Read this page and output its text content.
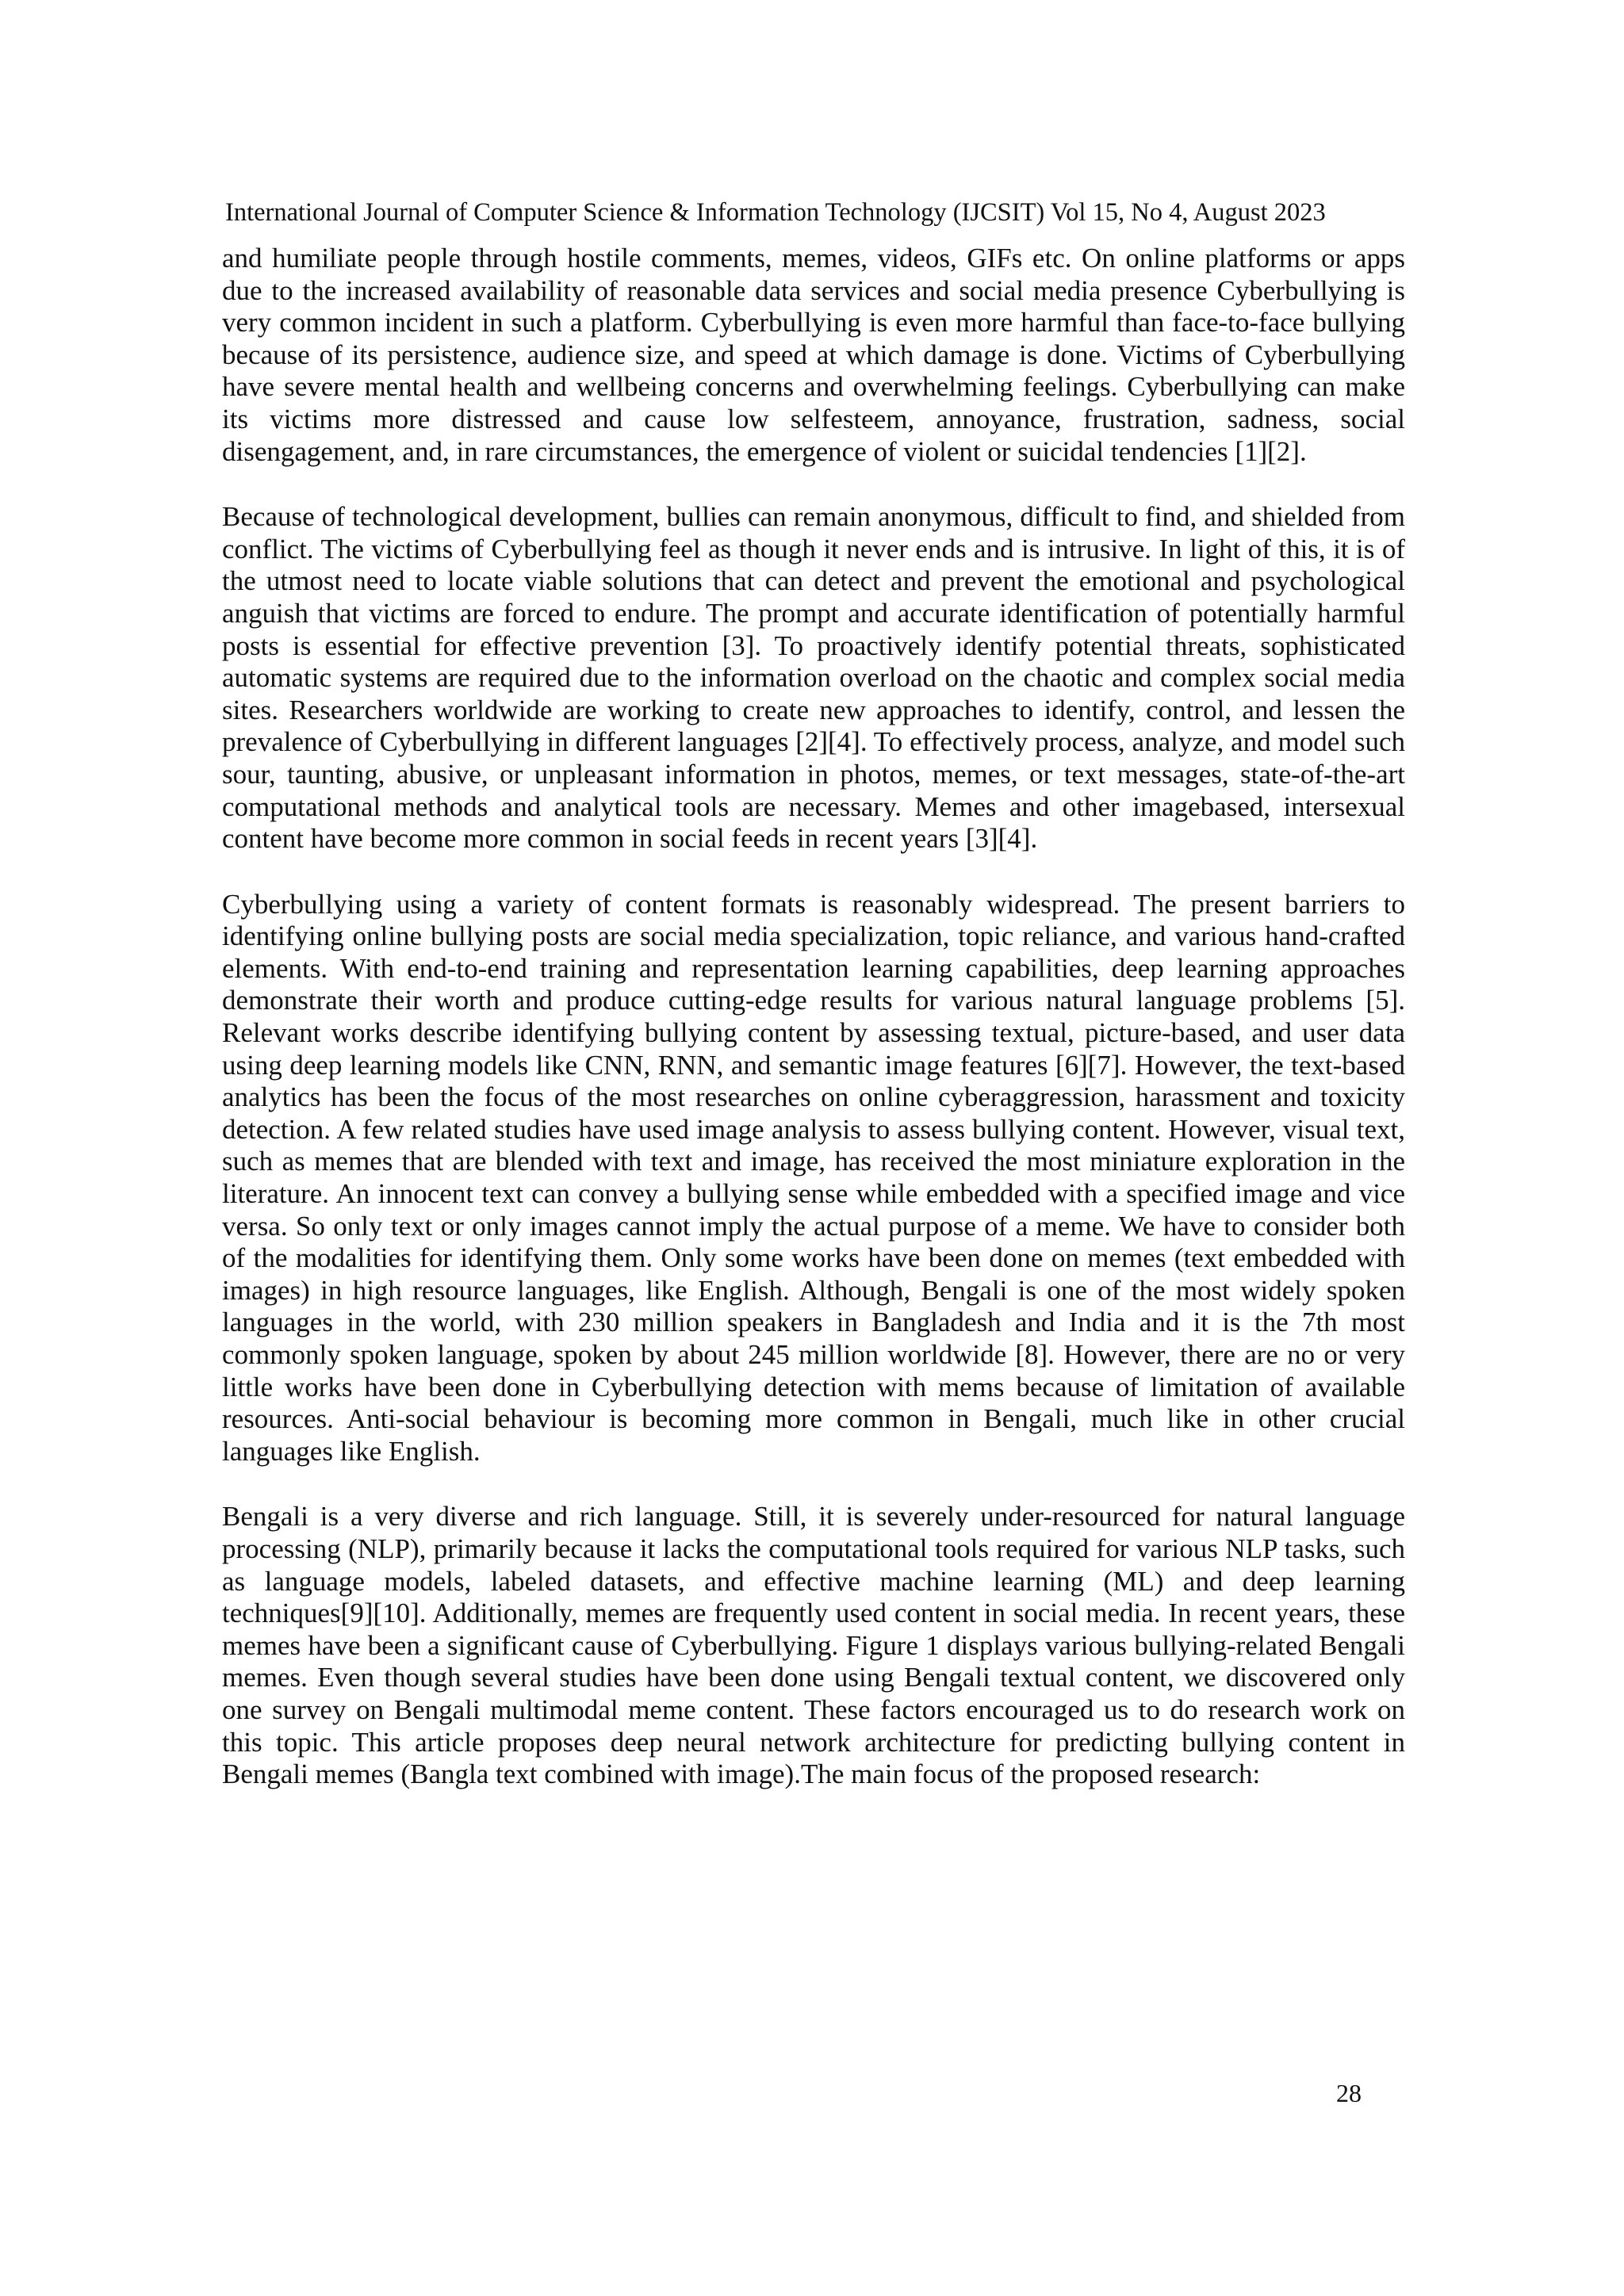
International Journal of Computer Science & Information Technology (IJCSIT) Vol 15, No 4, August 2023

and humiliate people through hostile comments, memes, videos, GIFs etc. On online platforms or apps due to the increased availability of reasonable data services and social media presence Cyberbullying is very common incident in such a platform. Cyberbullying is even more harmful than face-to-face bullying because of its persistence, audience size, and speed at which damage is done. Victims of Cyberbullying have severe mental health and wellbeing concerns and overwhelming feelings. Cyberbullying can make its victims more distressed and cause low selfesteem, annoyance, frustration, sadness, social disengagement, and, in rare circumstances, the emergence of violent or suicidal tendencies [1][2].

Because of technological development, bullies can remain anonymous, difficult to find, and shielded from conflict. The victims of Cyberbullying feel as though it never ends and is intrusive. In light of this, it is of the utmost need to locate viable solutions that can detect and prevent the emotional and psychological anguish that victims are forced to endure. The prompt and accurate identification of potentially harmful posts is essential for effective prevention [3]. To proactively identify potential threats, sophisticated automatic systems are required due to the information overload on the chaotic and complex social media sites. Researchers worldwide are working to create new approaches to identify, control, and lessen the prevalence of Cyberbullying in different languages [2][4]. To effectively process, analyze, and model such sour, taunting, abusive, or unpleasant information in photos, memes, or text messages, state-of-the-art computational methods and analytical tools are necessary. Memes and other imagebased, intersexual content have become more common in social feeds in recent years [3][4].

Cyberbullying using a variety of content formats is reasonably widespread. The present barriers to identifying online bullying posts are social media specialization, topic reliance, and various hand-crafted elements. With end-to-end training and representation learning capabilities, deep learning approaches demonstrate their worth and produce cutting-edge results for various natural language problems [5]. Relevant works describe identifying bullying content by assessing textual, picture-based, and user data using deep learning models like CNN, RNN, and semantic image features [6][7]. However, the text-based analytics has been the focus of the most researches on online cyberaggression, harassment and toxicity detection. A few related studies have used image analysis to assess bullying content. However, visual text, such as memes that are blended with text and image, has received the most miniature exploration in the literature. An innocent text can convey a bullying sense while embedded with a specified image and vice versa. So only text or only images cannot imply the actual purpose of a meme. We have to consider both of the modalities for identifying them. Only some works have been done on memes (text embedded with images) in high resource languages, like English. Although, Bengali is one of the most widely spoken languages in the world, with 230 million speakers in Bangladesh and India and it is the 7th most commonly spoken language, spoken by about 245 million worldwide [8]. However, there are no or very little works have been done in Cyberbullying detection with mems because of limitation of available resources. Anti-social behaviour is becoming more common in Bengali, much like in other crucial languages like English.

Bengali is a very diverse and rich language. Still, it is severely under-resourced for natural language processing (NLP), primarily because it lacks the computational tools required for various NLP tasks, such as language models, labeled datasets, and effective machine learning (ML) and deep learning techniques[9][10]. Additionally, memes are frequently used content in social media. In recent years, these memes have been a significant cause of Cyberbullying. Figure 1 displays various bullying-related Bengali memes. Even though several studies have been done using Bengali textual content, we discovered only one survey on Bengali multimodal meme content. These factors encouraged us to do research work on this topic. This article proposes deep neural network architecture for predicting bullying content in Bengali memes (Bangla text combined with image).The main focus of the proposed research:

28
